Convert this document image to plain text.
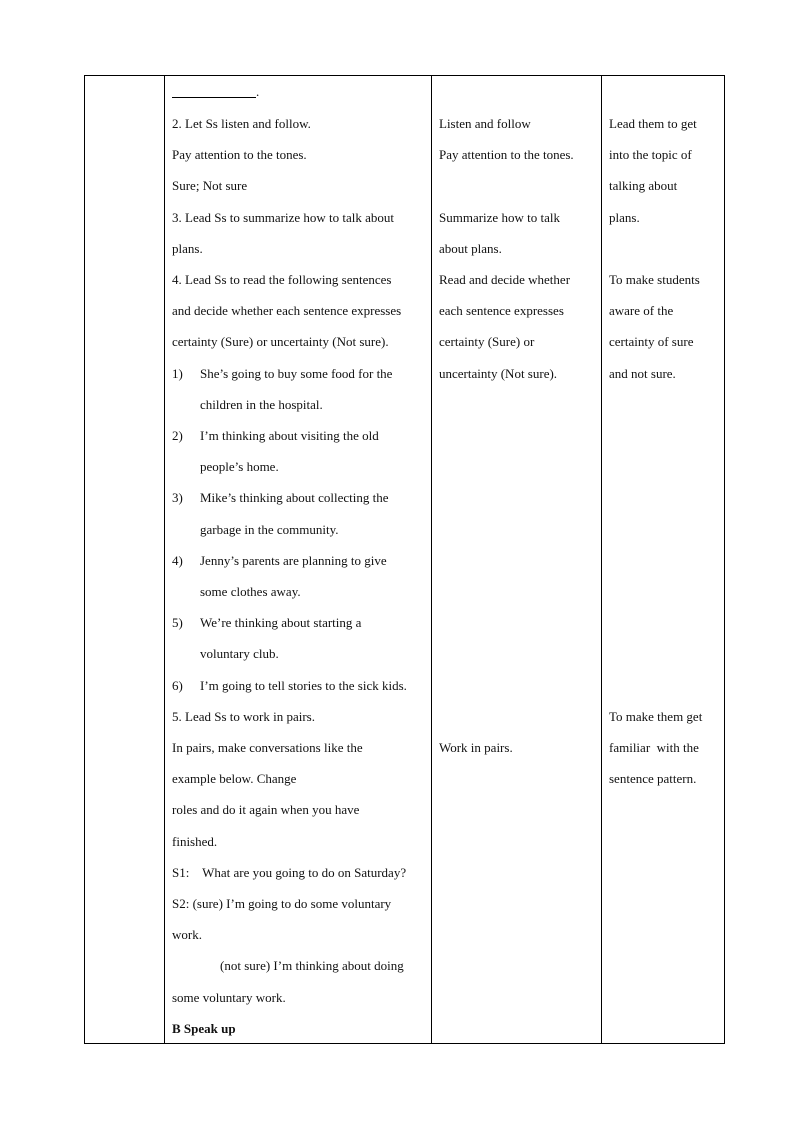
.
2. Let Ss listen and follow.
Pay attention to the tones.
Sure; Not sure
3. Lead Ss to summarize how to talk about
plans.
4. Lead Ss to read the following sentences
and decide whether each sentence expresses
certainty (Sure) or uncertainty (Not sure).
1) She’s going to buy some food for the
children in the hospital.
2) I’m thinking about visiting the old
people’s home.
3) Mike’s thinking about collecting the
garbage in the community.
4) Jenny’s parents are planning to give
some clothes away.
5) We’re thinking about starting a
voluntary club.
6) I’m going to tell stories to the sick kids.
5. Lead Ss to work in pairs.
In pairs, make conversations like the
example below. Change
roles and do it again when you have
finished.
S1:    What are you going to do on Saturday?
S2: (sure) I’m going to do some voluntary
work.
(not sure) I’m thinking about doing
some voluntary work.
B Speak up
Listen and follow
Pay attention to the tones.
Summarize how to talk
about plans.
Read and decide whether
each sentence expresses
certainty (Sure) or
uncertainty (Not sure).
Work in pairs.
Lead them to get
into the topic of
talking about
plans.
To make students
aware of the
certainty of sure
and not sure.
To make them get
familiar  with the
sentence pattern.
